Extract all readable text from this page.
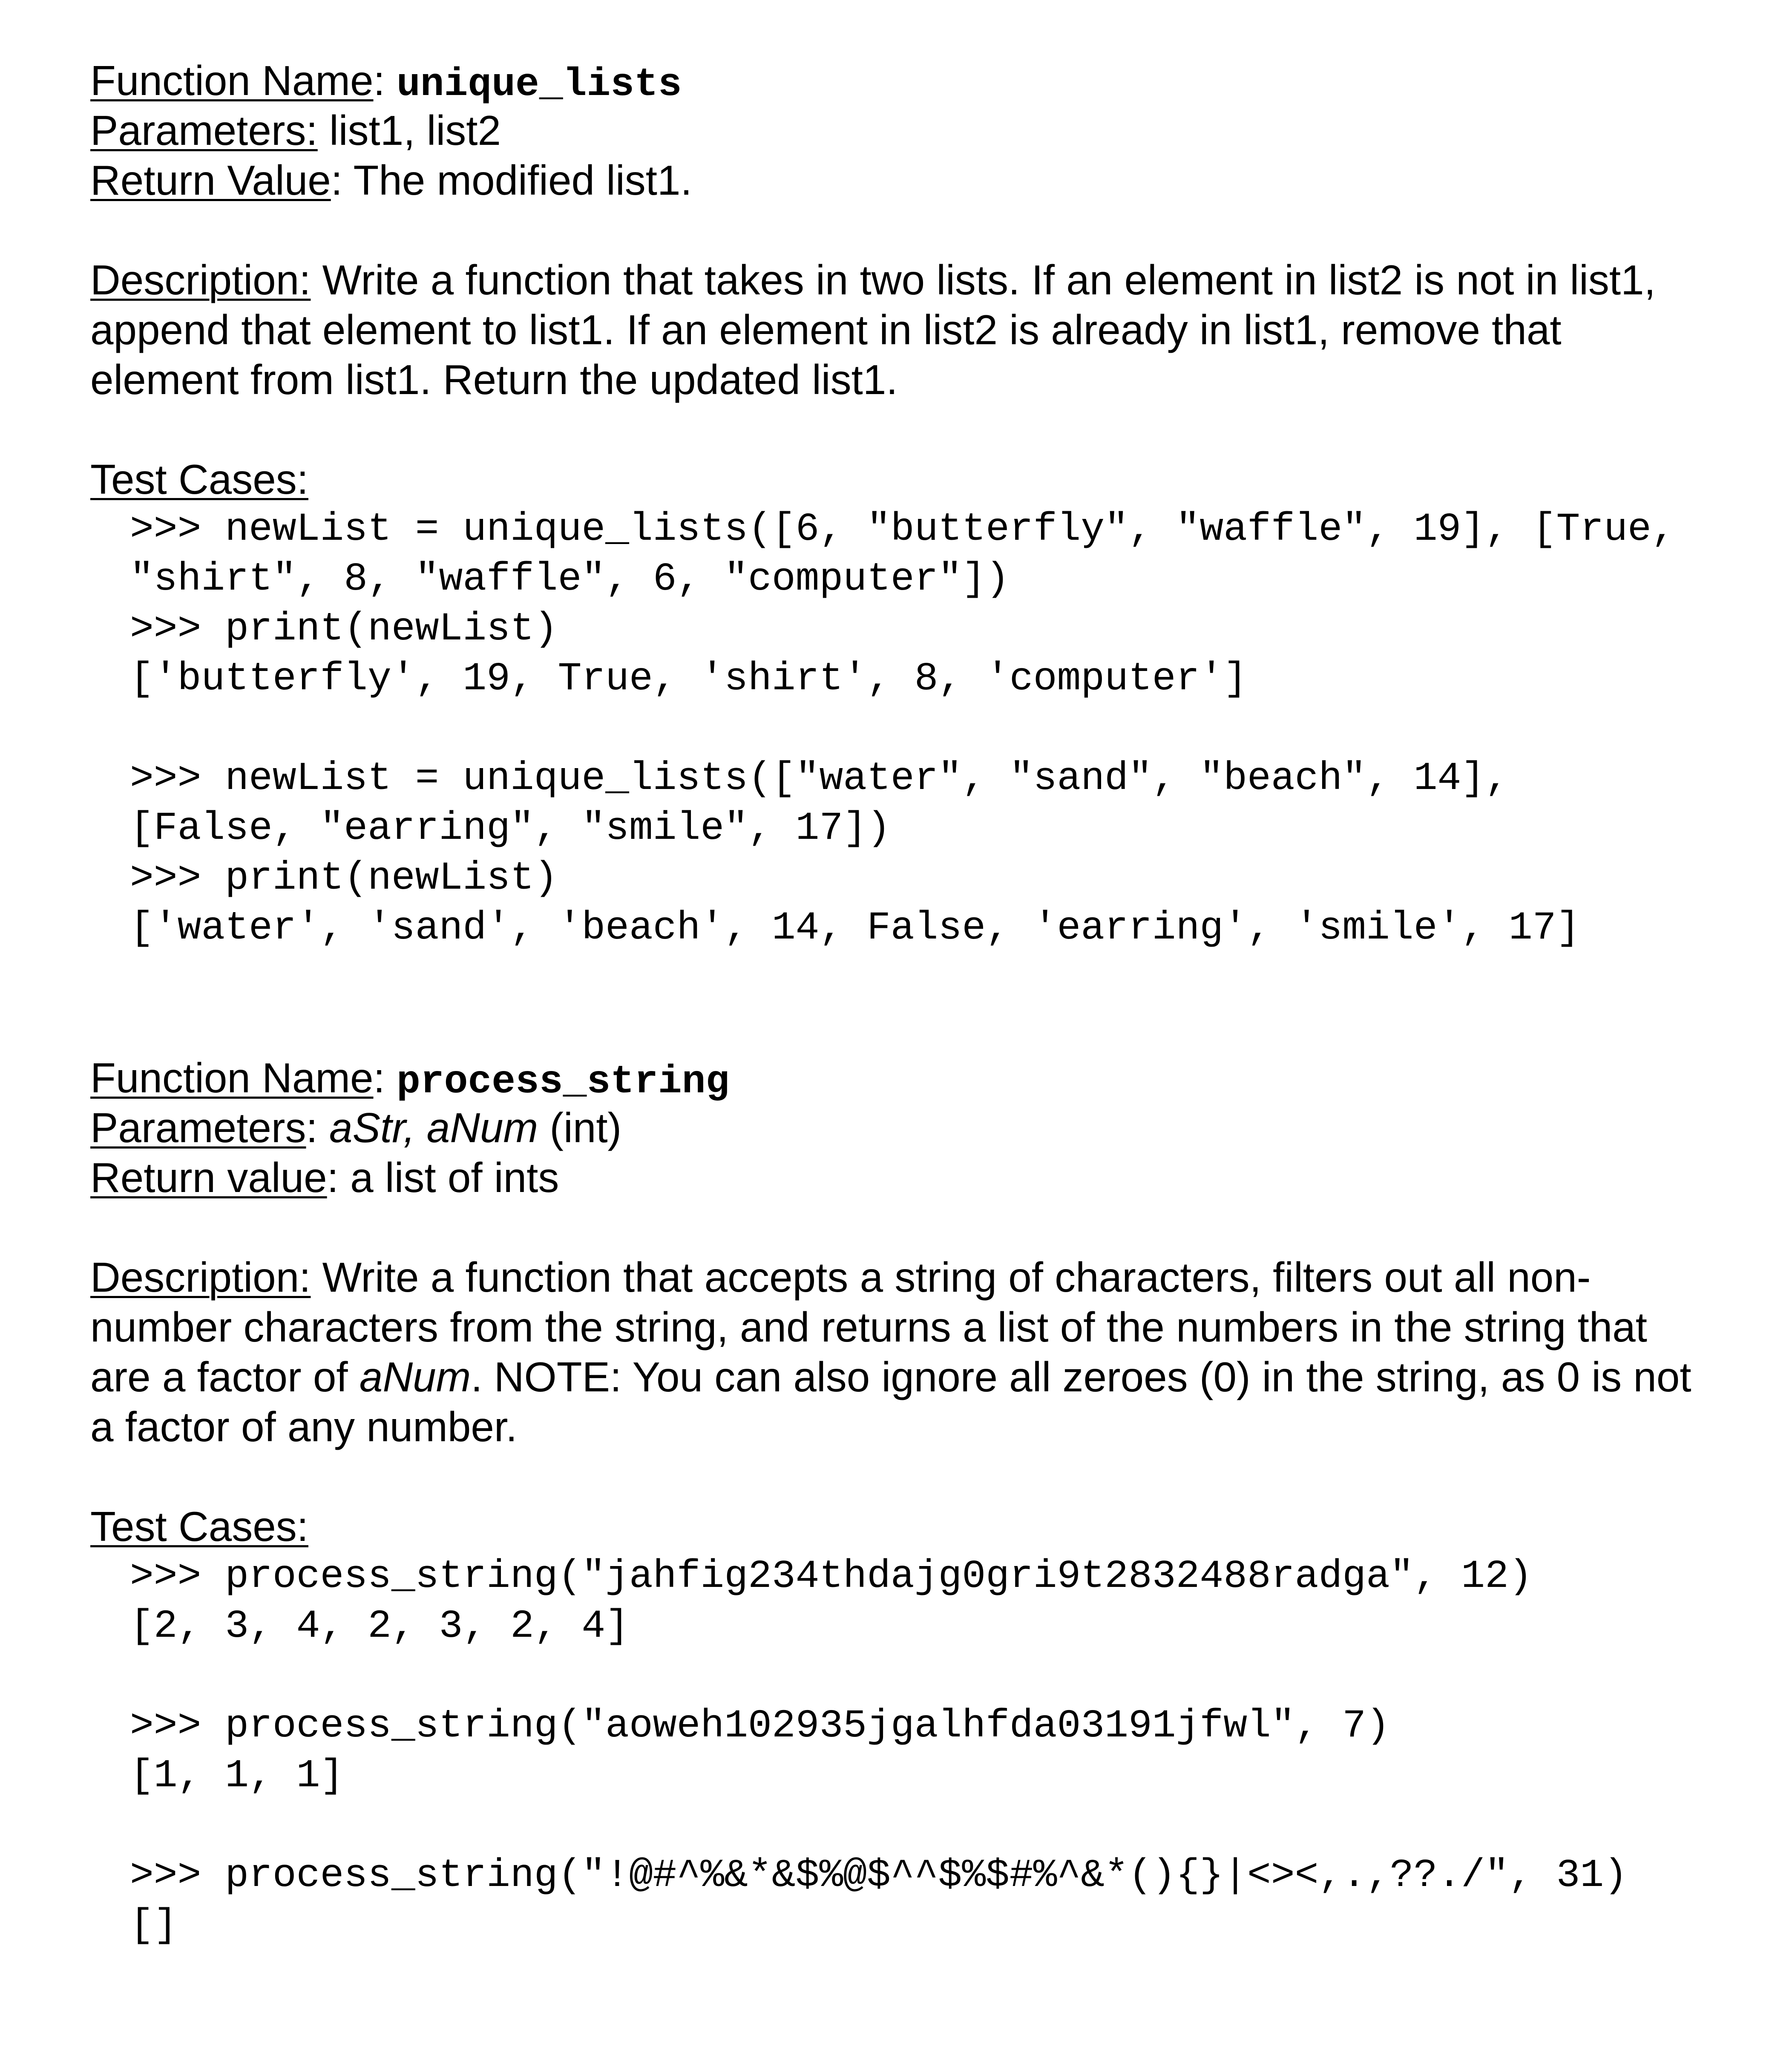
Function Name: unique_lists
Parameters: list1, list2
Return Value: The modified list1.
Description: Write a function that takes in two lists. If an element in list2 is not in list1,
append that element to list1. If an element in list2 is already in list1, remove that
element from list1. Return the updated list1.
Test Cases:

>>> newList = unique_lists([6, "butterfly", "waffle", 19], [True,

"shirt", 8, "waffle", 6, "computer"])

>>> print(newList)

['butterfly', 19, True, 'shirt', 8, 'computer']

>>> newList = unique_lists(["water", "sand", "beach", 14],

[False, "earring", "smile", 17])

>>> print(newList)

['water', 'sand', 'beach', 14, False, 'earring', 'smile', 17]

Function Name: process_string
Parameters: aStr, aNum (int)
Return value: a list of ints
Description: Write a function that accepts a string of characters, filters out all non-
number characters from the string, and returns a list of the numbers in the string that
are a factor of aNum. NOTE: You can also ignore all zeroes (0) in the string, as 0 is not
a factor of any number.
Test Cases:

>>> process_string("jahfig234thdajg0gri9t2832488radga", 12)

[2, 3, 4, 2, 3, 2, 4]

>>> process_string("aoweh102935jgalhfda03191jfwl", 7)

[1, 1, 1]

>>> process_string("!@#^%&*&$%@$^^$%$#%^&*(){}|<><,.,??./", 31)

[]
